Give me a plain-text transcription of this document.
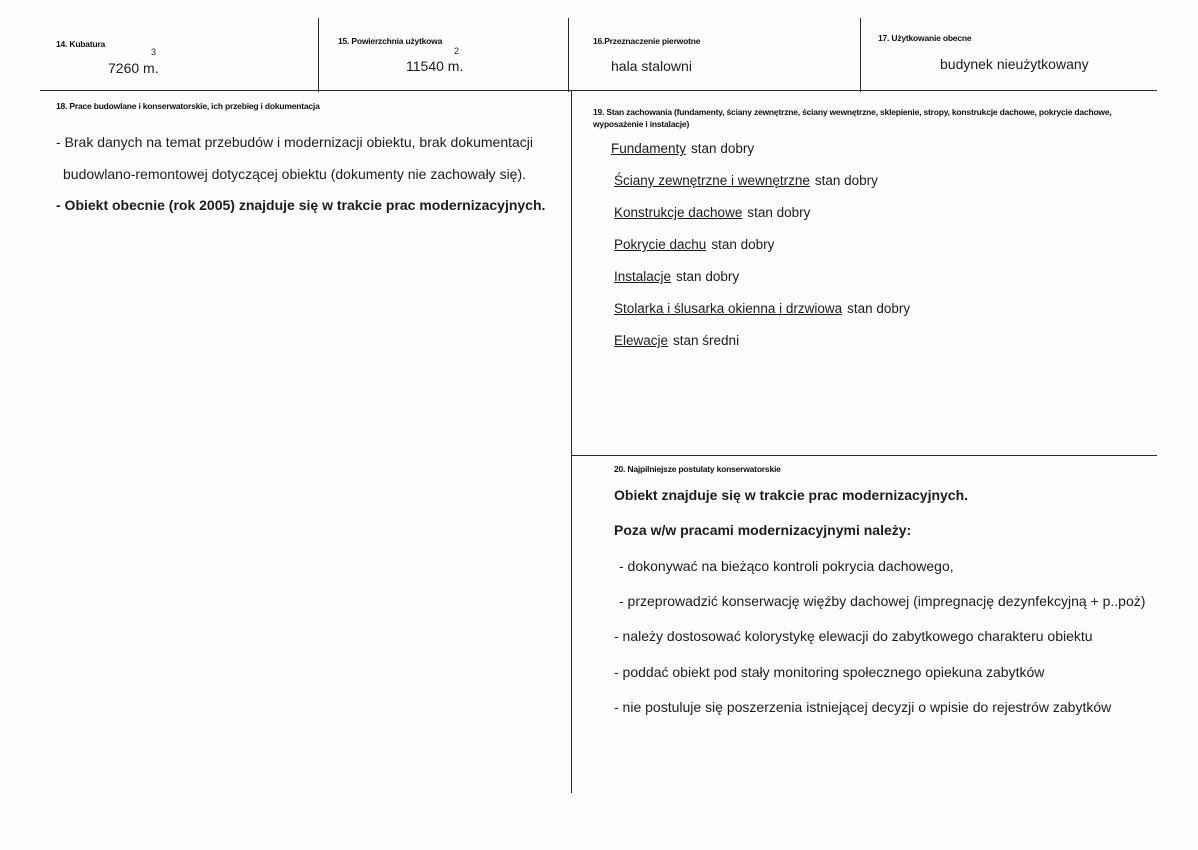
14. Kubatura
3
7260 m.
15. Powierzchnia użytkowa
2
11540 m.
16.Przeznaczenie pierwotne
hala stalowni
17. Użytkowanie obecne
budynek nieużytkowany
18. Prace budowlane i konserwatorskie, ich przebieg i dokumentacja
- Brak danych na temat przebudów i modernizacji obiektu, brak dokumentacji
budowlano-remontowej dotyczącej obiektu (dokumenty nie zachowały się).
- Obiekt obecnie (rok 2005) znajduje się w trakcie prac modernizacyjnych.
19. Stan zachowania (fundamenty, ściany zewnętrzne, ściany wewnętrzne, sklepienie, stropy, konstrukcje dachowe, pokrycie dachowe,
wyposażenie i instalacje)
Fundamenty stan dobry
Ściany zewnętrzne i wewnętrzne stan dobry
Konstrukcje dachowe stan dobry
Pokrycie dachu stan dobry
Instalacje stan dobry
Stolarka i ślusarka okienna i drzwiowa stan dobry
Elewacje stan średni
20. Najpilniejsze postulaty konserwatorskie
Obiekt znajduje się w trakcie prac modernizacyjnych.
Poza w/w pracami modernizacyjnymi należy:
- dokonywać na bieżąco kontroli pokrycia dachowego,
- przeprowadzić konserwację więźby dachowej (impregnację dezynfekcyjną + p..poż)
- należy dostosować kolorystykę elewacji do zabytkowego charakteru obiektu
- poddać obiekt pod stały monitoring społecznego opiekuna zabytków
- nie postuluje się poszerzenia istniejącej decyzji o wpisie do rejestrów zabytków
